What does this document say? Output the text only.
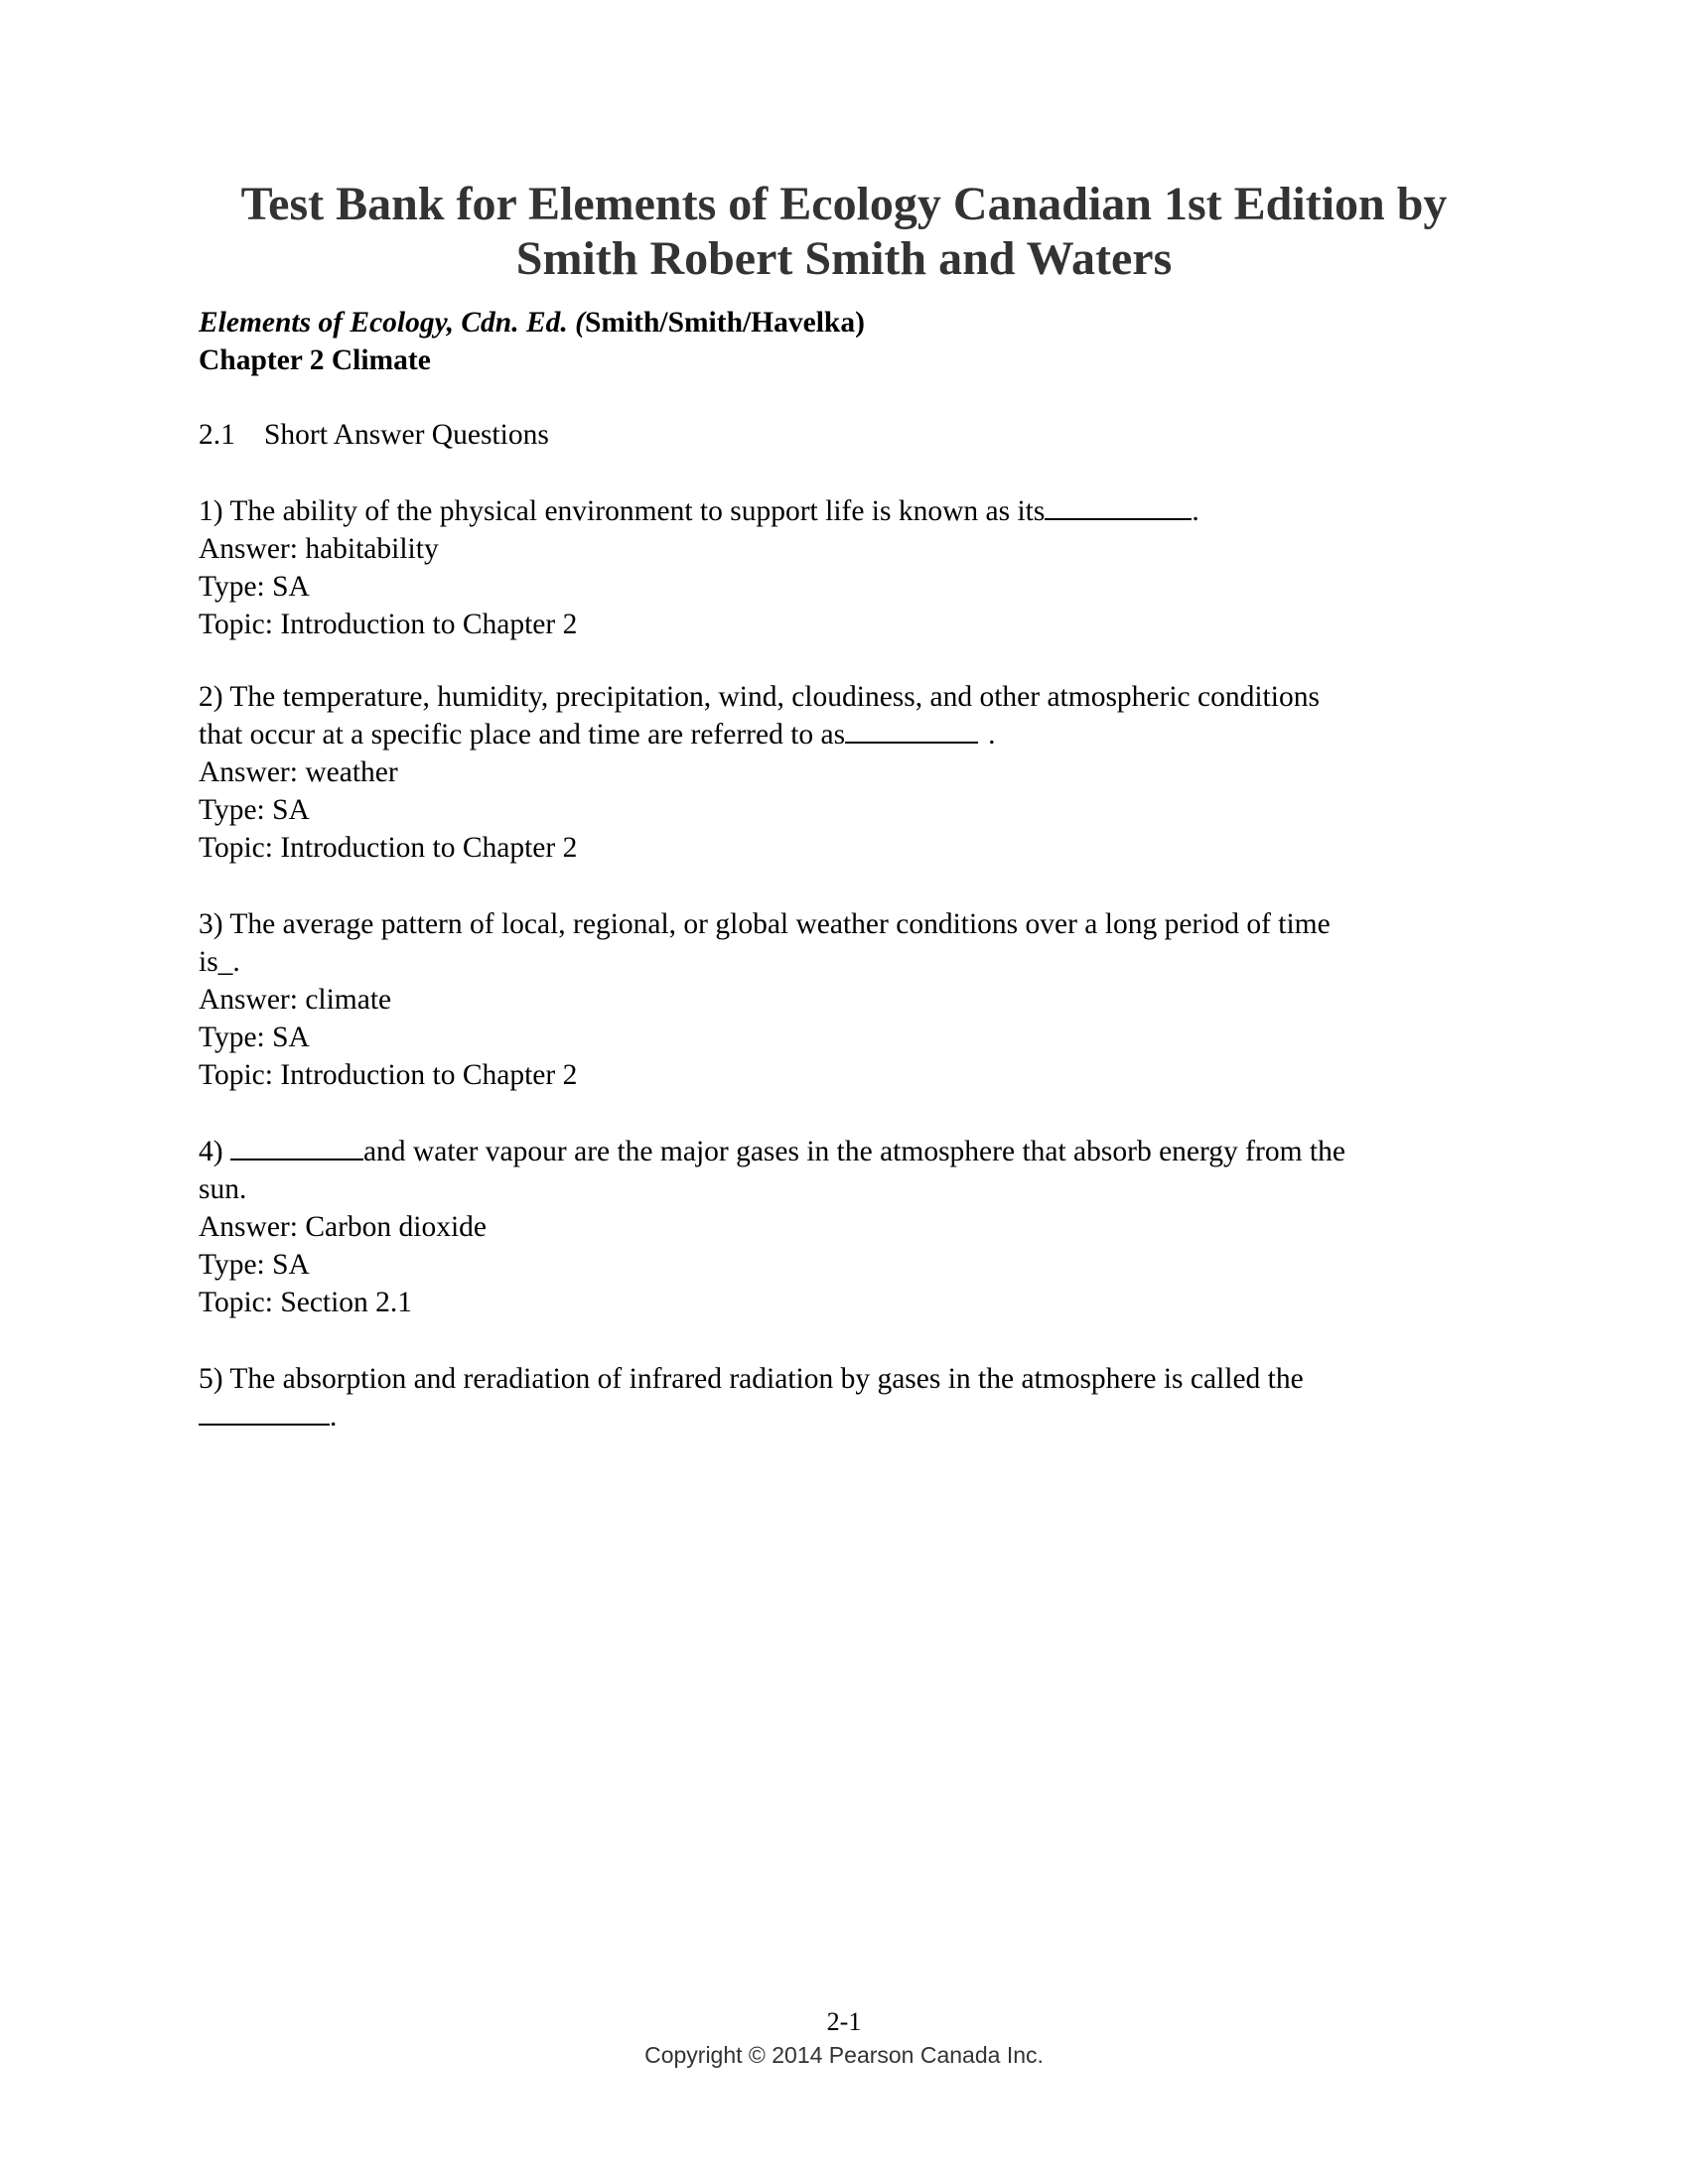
Test Bank for Elements of Ecology Canadian 1st Edition by
Smith Robert Smith and Waters
Elements of Ecology, Cdn. Ed. (Smith/Smith/Havelka)
Chapter 2 Climate
2.1 Short Answer Questions
1) The ability of the physical environment to support life is known as its	.
Answer: habitability
Type: SA
Topic: Introduction to Chapter 2
2) The temperature, humidity, precipitation, wind, cloudiness, and other atmospheric conditions
that occur at a specific place and time are referred to as	.
Answer: weather
Type: SA
Topic: Introduction to Chapter 2
3) The average pattern of local, regional, or global weather conditions over a long period of time
is_.
Answer: climate
Type: SA
Topic: Introduction to Chapter 2
4)	and water vapour are the major gases in the atmosphere that absorb energy from the
sun.
Answer: Carbon dioxide
Type: SA
Topic: Section 2.1
5) The absorption and reradiation of infrared radiation by gases in the atmosphere is called the
.
2-1
Copyright © 2014 Pearson Canada Inc.
